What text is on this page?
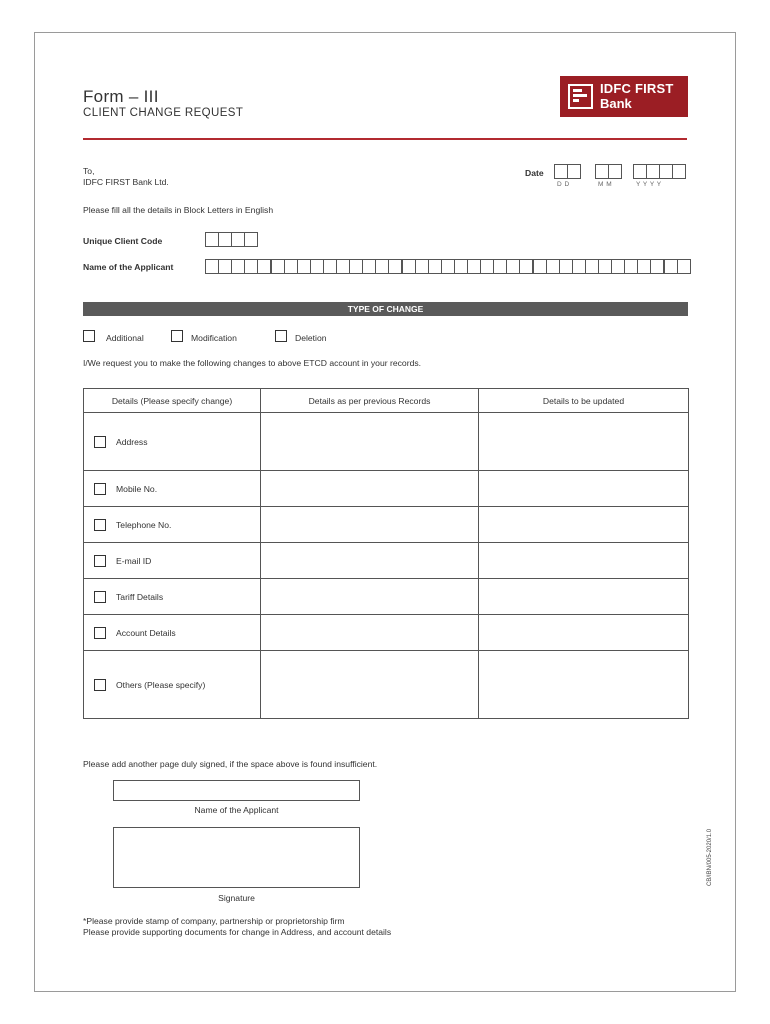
Form – III
CLIENT CHANGE REQUEST
IDFC FIRST
Bank
To,
IDFC FIRST Bank Ltd.
Date
D D	M M	Y Y Y Y
Please fill all the details in Block Letters in English
Unique Client Code
Name of the Applicant
TYPE OF CHANGE
Additional	Modification	Deletion
I/We request you to make the following changes to above ETCD account in your records.
Details (Please specify change)	Details as per previous Records	Details to be updated

Address		

Mobile No.		

Telephone No.		

E-mail ID		

Tariff Details		

Account Details		

Others (Please specify)		

Please add another page duly signed, if the space above is found insufficient.
Name of the Applicant
Signature
*Please provide stamp of company, partnership or proprietorship firm
Please provide supporting documents for change in Address, and account details
CB/IBN/005-2020/1.0
